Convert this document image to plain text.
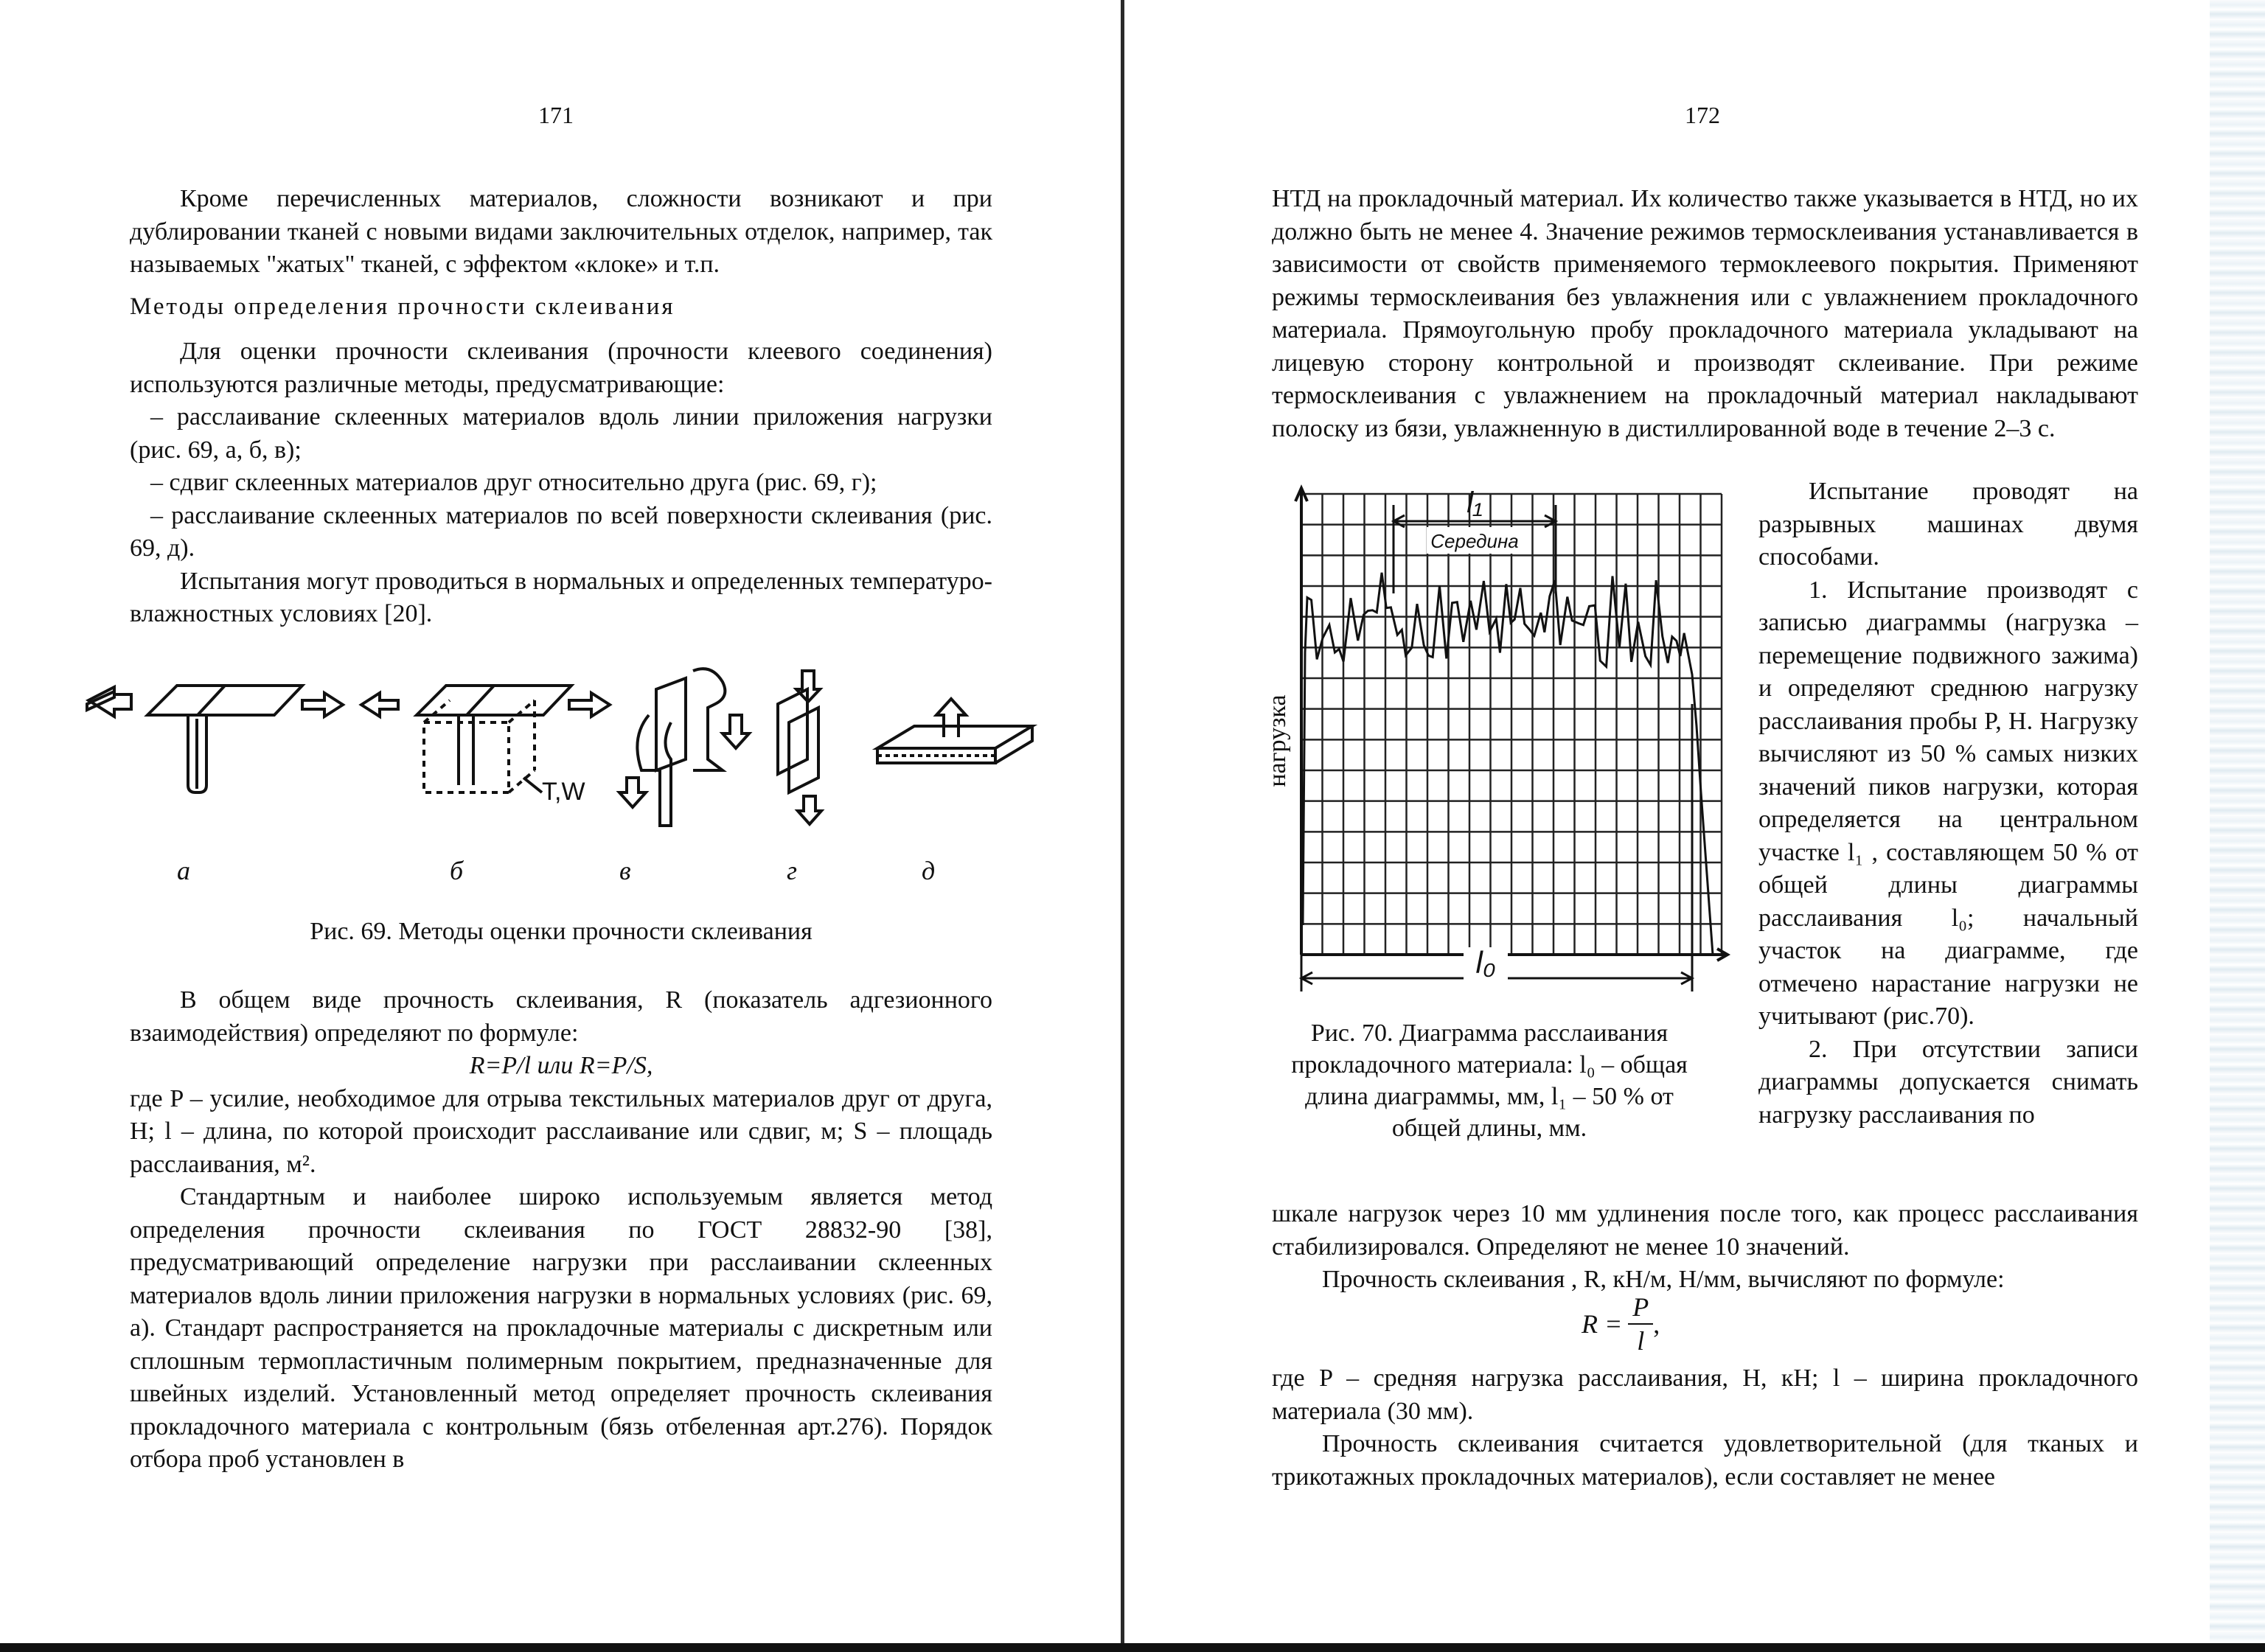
171

Кроме перечисленных материалов, сложности возникают и при дублировании тканей с новыми видами заключительных отделок, например, так называемых "жатых" тканей, с эффектом «клоке» и т.п.

Методы определения прочности склеивания

Для оценки прочности склеивания (прочности клеевого соединения) используются различные методы, предусматривающие:

– расслаивание склеенных материалов вдоль линии приложения нагрузки (рис. 69, а, б, в);

– сдвиг склеенных материалов друг относительно друга (рис. 69, г);

– расслаивание склеенных материалов по всей поверхности склеивания (рис. 69, д).

Испытания могут проводиться в нормальных и определенных температуро-влажностных условиях [20].

T,W
а	б	в	г	д

Рис. 69. Методы оценки прочности склеивания

В общем виде прочность склеивания, R (показатель адгезионного взаимодействия) определяют по формуле:

R=P/l или R=P/S,

где P – усилие, необходимое для отрыва текстильных материалов друг от друга, Н; l – длина, по которой происходит расслаивание или сдвиг, м; S – площадь расслаивания, м².

Стандартным и наиболее широко используемым является метод определения прочности склеивания по ГОСТ 28832-90 [38], предусматривающий определение нагрузки при расслаивании склеенных материалов вдоль линии приложения нагрузки в нормальных условиях (рис. 69, а). Стандарт распространяется на прокладочные материалы с дискретным или сплошным термопластичным полимерным покрытием, предназначенные для швейных изделий. Установленный метод определяет прочность склеивания прокладочного материала с контрольным (бязь отбеленная арт.276). Порядок отбора проб установлен в

172

НТД на прокладочный материал. Их количество также указывается в НТД, но их должно быть не менее 4. Значение режимов термосклеивания устанавливается в зависимости от свойств применяемого термоклеевого покрытия. Применяют режимы термосклеивания без увлажнения или с увлажнением прокладочного материала. Прямоугольную пробу прокладочного материала укладывают на лицевую сторону контрольной и производят склеивание. При режиме термосклеивания с увлажнением на прокладочный материал накладывают полоску из бязи, увлажненную в дистиллированной воде в течение 2–3 с.

нагрузка
l₁
Середина
l₀

Рис. 70. Диаграмма расслаивания прокладочного материала: l₀ – общая длина диаграммы, мм, l₁ – 50 % от общей длины, мм.

Испытание проводят на разрывных машинах двумя способами.

1. Испытание производят с записью диаграммы (нагрузка – перемещение подвижного зажима) и определяют среднюю нагрузку расслаивания пробы P, Н. Нагрузку вычисляют из 50 % самых низких значений пиков нагрузки, которая определяется на центральном участке l₁ , составляющем 50 % от общей длины диаграммы расслаивания l₀; начальный участок на диаграмме, где отмечено нарастание нагрузки не учитывают (рис.70).

2. При отсутствии записи диаграммы допускается снимать нагрузку расслаивания по

шкале нагрузок через 10 мм удлинения после того, как процесс расслаивания стабилизировался. Определяют не менее 10 значений.

Прочность склеивания , R, кН/м, Н/мм, вычисляют по формуле:

$R = \frac{P}{l}$ ,

где P – средняя нагрузка расслаивания, Н, кН; l – ширина прокладочного материала (30 мм).

Прочность склеивания считается удовлетворительной (для тканых и трикотажных прокладочных материалов), если составляет не менее
